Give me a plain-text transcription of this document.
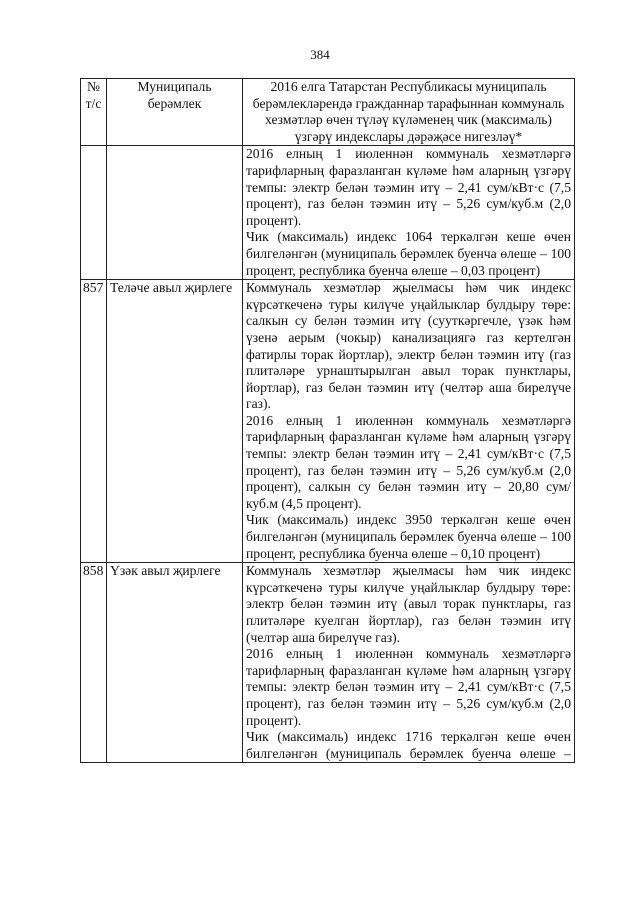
384
№ т/с	Муниципаль берәмлек	2016 елга Татарстан Республикасы муниципаль берәмлекләрендә гражданнар тарафыннан коммуналь хезмәтләр өчен түләү күләменең чик (максималь) үзгәрү индекслары дәрәҗәсе нигезләү*

		2016 елның 1 июленнән коммуналь хезмәтләргә тарифларның фаразланган күләме һәм аларның үзгәрү темпы: электр белән тәэмин итү – 2,41 сум/кВт·с (7,5 процент), газ белән тәэмин итү – 5,26 сум/куб.м (2,0 процент).
Чик (максималь) индекс 1064 теркәлгән кеше өчен билгеләнгән (муниципаль берәмлек буенча өлеше – 100 процент, республика буенча өлеше – 0,03 процент)

857	Теләче авыл җирлеге	Коммуналь хезмәтләр җыелмасы һәм чик индекс күрсәткеченә туры килүче уңайлыклар булдыру төре: салкын су белән тәэмин итү (сууткәргечле, үзәк һәм үзенә аерым (чокыр) канализациягә газ кертелгән фатирлы торак йортлар), электр белән тәэмин итү (газ плитәләре урнаштырылган авыл торак пунктлары, йортлар), газ белән тәэмин итү (челтәр аша бирелүче газ).
2016 елның 1 июленнән коммуналь хезмәтләргә тарифларның фаразланган күләме һәм аларның үзгәрү темпы: электр белән тәэмин итү – 2,41 сум/кВт·с (7,5 процент), газ белән тәэмин итү – 5,26 сум/куб.м (2,0 процент), салкын су белән тәэмин итү – 20,80 сум/куб.м (4,5 процент).
Чик (максималь) индекс 3950 теркәлгән кеше өчен билгеләнгән (муниципаль берәмлек буенча өлеше – 100 процент, республика буенча өлеше – 0,10 процент)

858	Үзәк авыл җирлеге	Коммуналь хезмәтләр җыелмасы һәм чик индекс күрсәткеченә туры килүче уңайлыклар булдыру төре: электр белән тәэмин итү (авыл торак пунктлары, газ плитәләре куелган йортлар), газ белән тәэмин итү (челтәр аша бирелүче газ).
2016 елның 1 июленнән коммуналь хезмәтләргә тарифларның фаразланган күләме һәм аларның үзгәрү темпы: электр белән тәэмин итү – 2,41 сум/кВт·с (7,5 процент), газ белән тәэмин итү – 5,26 сум/куб.м (2,0 процент).
Чик (максималь) индекс 1716 теркәлгән кеше өчен билгеләнгән (муниципаль берәмлек буенча өлеше –
